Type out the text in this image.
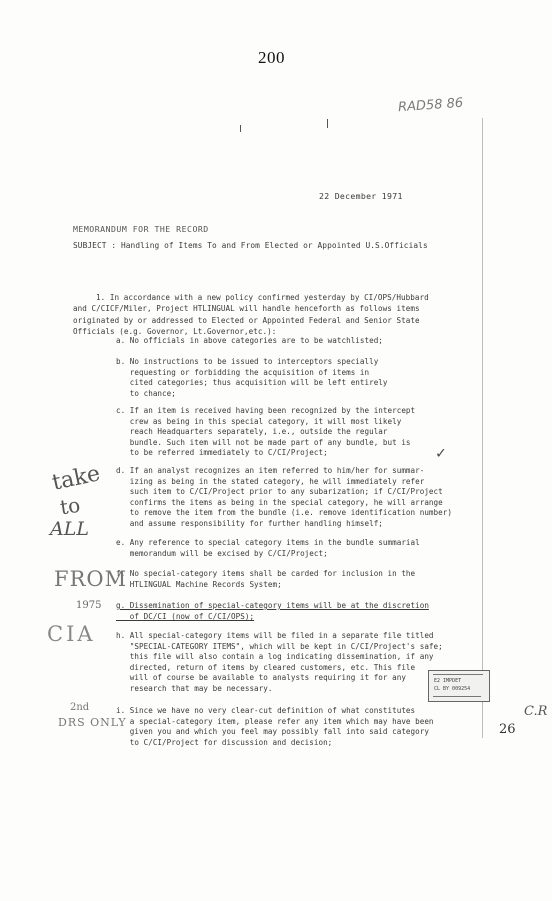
200
RAD58 86
22 December 1971
MEMORANDUM FOR THE RECORD
SUBJECT : Handling of Items To and From Elected or Appointed U.S.Officials

1. In accordance with a new policy confirmed yesterday by CI/OPS/Hubbard
and C/CICF/Miler, Project HTLINGUAL will handle henceforth as follows items
originated by or addressed to Elected or Appointed Federal and Senior State
Officials (e.g. Governor, Lt.Governor,etc.):
a. No officials in above categories are to be watchlisted;
b. No instructions to be issued to interceptors specially
requesting or forbidding the acquisition of items in
cited categories; thus acquisition will be left entirely
to chance;
c. If an item is received having been recognized by the intercept
crew as being in this special category, it will most likely
reach Headquarters separately, i.e., outside the regular
bundle. Such item will not be made part of any bundle, but is
to be referred immediately to C/CI/Project;	✓
d. If an analyst recognizes an item referred to him/her for summar-
izing as being in the stated category, he will immediately refer
such item to C/CI/Project prior to any subarization; if C/CI/Project
confirms the items as being in the special category, he will arrange
to remove the item from the bundle (i.e. remove identification number)
and assume responsibility for further handling himself;
e. Any reference to special category items in the bundle summarial
memorandum will be excised by C/CI/Project;
f. No special-category items shall be carded for inclusion in the
HTLINGUAL Machine Records System;
g. Dissemination of special-category items will be at the discretion
of DC/CI (now of C/CI/OPS);
h. All special-category items will be filed in a separate file titled
"SPECIAL-CATEGORY ITEMS", which will be kept in C/CI/Project's safe;
this file will also contain a log indicating dissemination, if any
directed, return of items by cleared customers, etc. This file
will of course be available to analysts requiring it for any
research that may be necessary.
i. Since we have no very clear-cut definition of what constitutes
a special-category item, please refer any item which may have been
given you and which you feel may possibly fall into said category
to C/CI/Project for discussion and decision;
E2 IMPDET
CL BY 009254
take
to
ALL
FROM
1975
CIA
2nd
DRS ONLY	26
C.R
